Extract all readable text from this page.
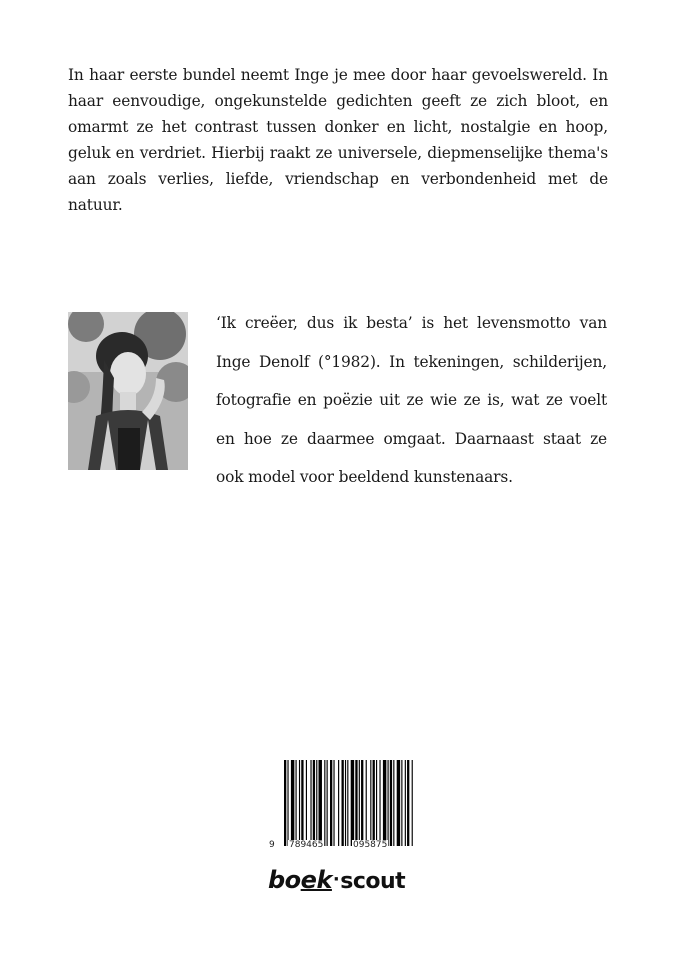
In haar eerste bundel neemt Inge je mee door haar gevoelswereld. In haar eenvoudige, ongekunstelde gedichten geeft ze zich bloot, en omarmt ze het contrast tussen donker en licht, nostalgie en hoop, geluk en verdriet. Hierbij raakt ze universele, diepmenselijke thema's aan zoals verlies, liefde, vriendschap en verbondenheid met de natuur.

‘Ik creëer, dus ik besta’ is het levensmotto van Inge Denolf (°1982). In tekeningen, schilderijen, fotografie en poëzie uit ze wie ze is, wat ze voelt en hoe ze daarmee omgaat. Daarnaast staat ze ook model voor beeldend kunstenaars.

9 789465	095875
boek·scout
